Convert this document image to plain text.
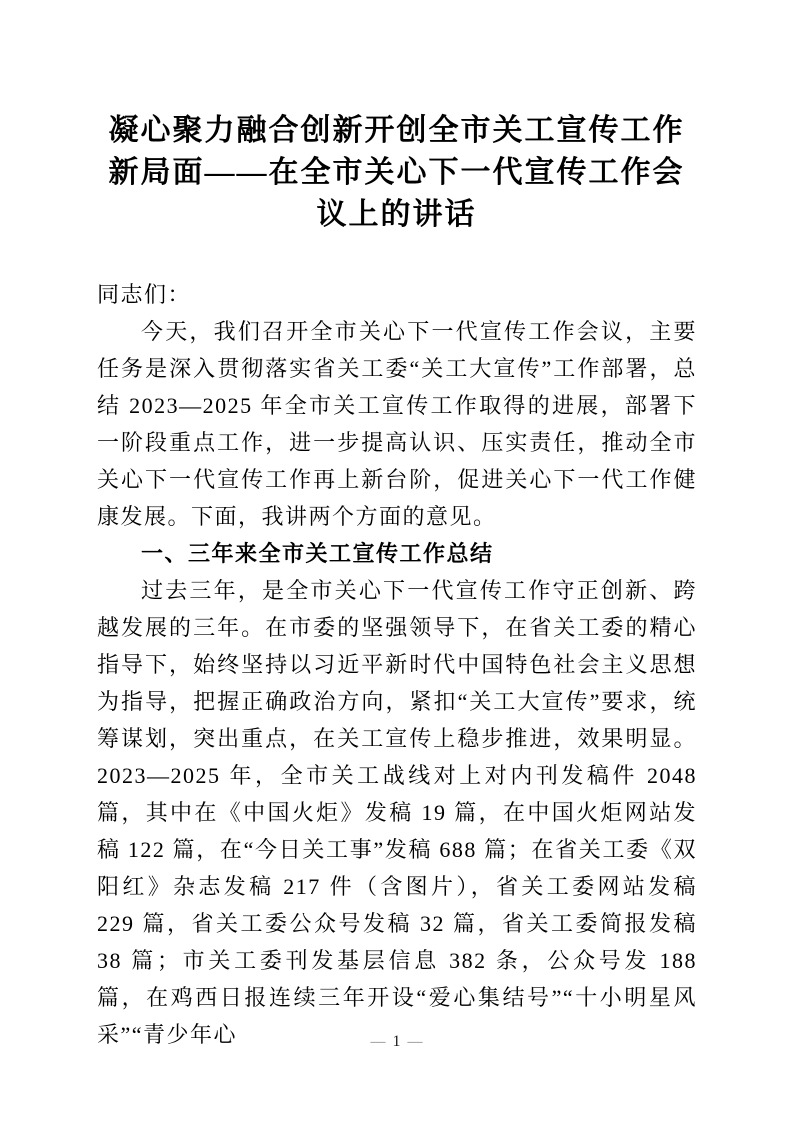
凝心聚力融合创新开创全市关工宣传工作新局面——在全市关心下一代宣传工作会议上的讲话

同志们：

今天，我们召开全市关心下一代宣传工作会议，主要任务是深入贯彻落实省关工委“关工大宣传”工作部署，总结 2023—2025 年全市关工宣传工作取得的进展，部署下一阶段重点工作，进一步提高认识、压实责任，推动全市关心下一代宣传工作再上新台阶，促进关心下一代工作健康发展。下面，我讲两个方面的意见。

一、三年来全市关工宣传工作总结

过去三年，是全市关心下一代宣传工作守正创新、跨越发展的三年。在市委的坚强领导下，在省关工委的精心指导下，始终坚持以习近平新时代中国特色社会主义思想为指导，把握正确政治方向，紧扣“关工大宣传”要求，统筹谋划，突出重点，在关工宣传上稳步推进，效果明显。2023—2025 年，全市关工战线对上对内刊发稿件 2048 篇，其中在《中国火炬》发稿 19 篇，在中国火炬网站发稿 122 篇，在“今日关工事”发稿 688 篇；在省关工委《双阳红》杂志发稿 217 件（含图片），省关工委网站发稿 229 篇，省关工委公众号发稿 32 篇，省关工委简报发稿 38 篇；市关工委刊发基层信息 382 条，公众号发 188 篇，在鸡西日报连续三年开设“爱心集结号”“十小明星风采”“青少年心	— 1 —
